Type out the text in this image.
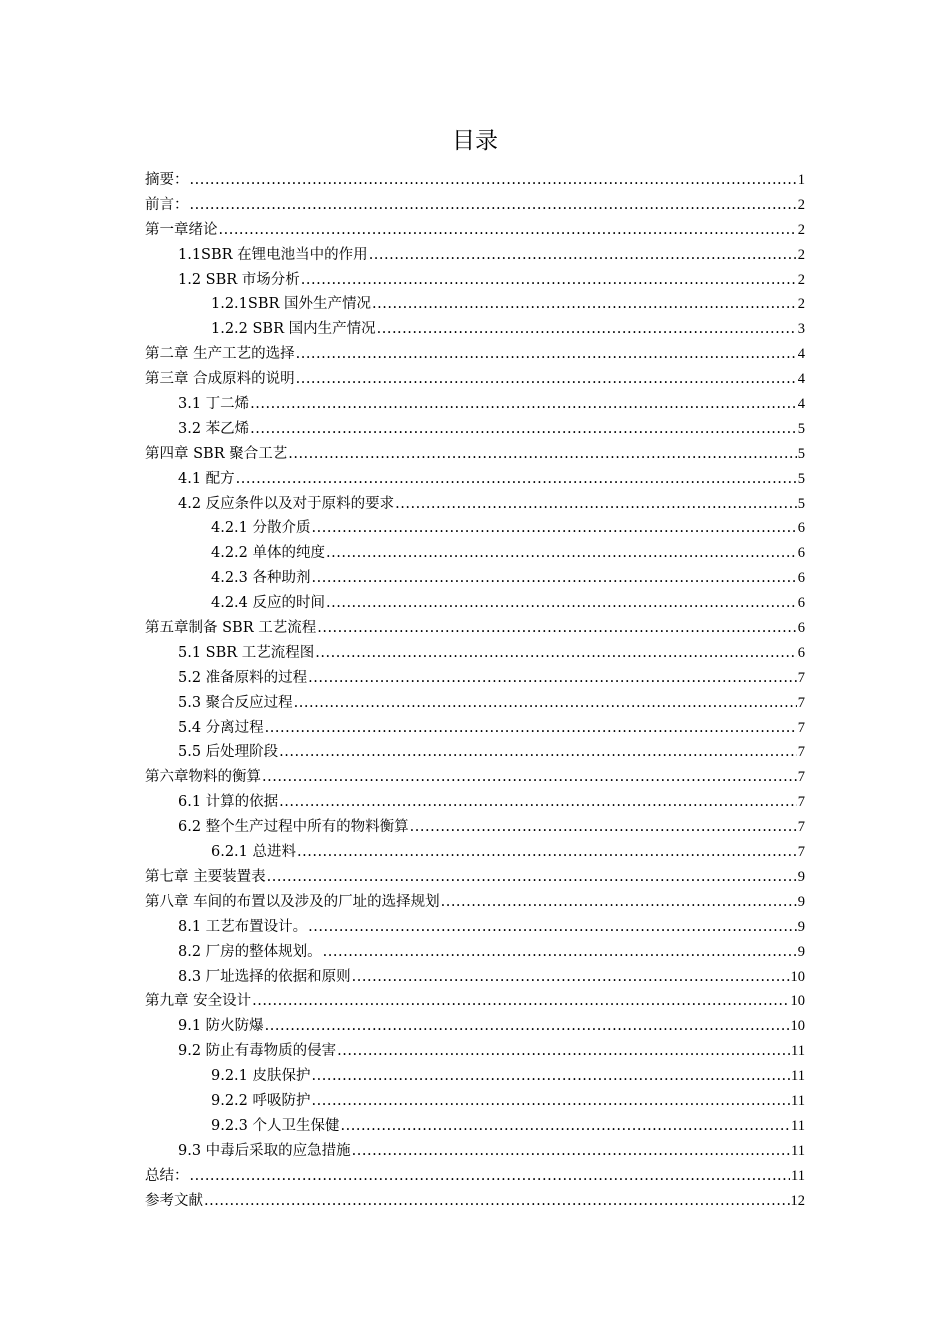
目录
摘要： .....	1
前言： .....	2
第一章绪论 .....	2
1.1SBR 在锂电池当中的作用 .....	2
1.2 SBR 市场分析 .....	2
1.2.1SBR 国外生产情况 .....	2
1.2.2 SBR 国内生产情况 .....	3
第二章 生产工艺的选择 .....	4
第三章 合成原料的说明 .....	4
3.1 丁二烯 .....	4
3.2 苯乙烯 .....	5
第四章 SBR 聚合工艺 .....	5
4.1 配方 .....	5
4.2 反应条件以及对于原料的要求 .....	5
4.2.1 分散介质 .....	6
4.2.2 单体的纯度 .....	6
4.2.3 各种助剂 .....	6
4.2.4 反应的时间 .....	6
第五章制备 SBR 工艺流程 .....	6
5.1 SBR 工艺流程图 .....	6
5.2 准备原料的过程 .....	7
5.3 聚合反应过程 .....	7
5.4 分离过程 .....	7
5.5 后处理阶段 .....	7
第六章物料的衡算 .....	7
6.1 计算的依据 .....	7
6.2 整个生产过程中所有的物料衡算 .....	7
6.2.1 总进料 .....	7
第七章 主要装置表 .....	9
第八章 车间的布置以及涉及的厂址的选择规划 .....	9
8.1 工艺布置设计。 .....	9
8.2 厂房的整体规划。 .....	9
8.3 厂址选择的依据和原则 .....	10
第九章 安全设计 .....	10
9.1 防火防爆 .....	10
9.2 防止有毒物质的侵害 .....	11
9.2.1 皮肤保护 .....	11
9.2.2 呼吸防护 .....	11
9.2.3 个人卫生保健 .....	11
9.3 中毒后采取的应急措施 .....	11
总结： .....	11
参考文献 .....	12
